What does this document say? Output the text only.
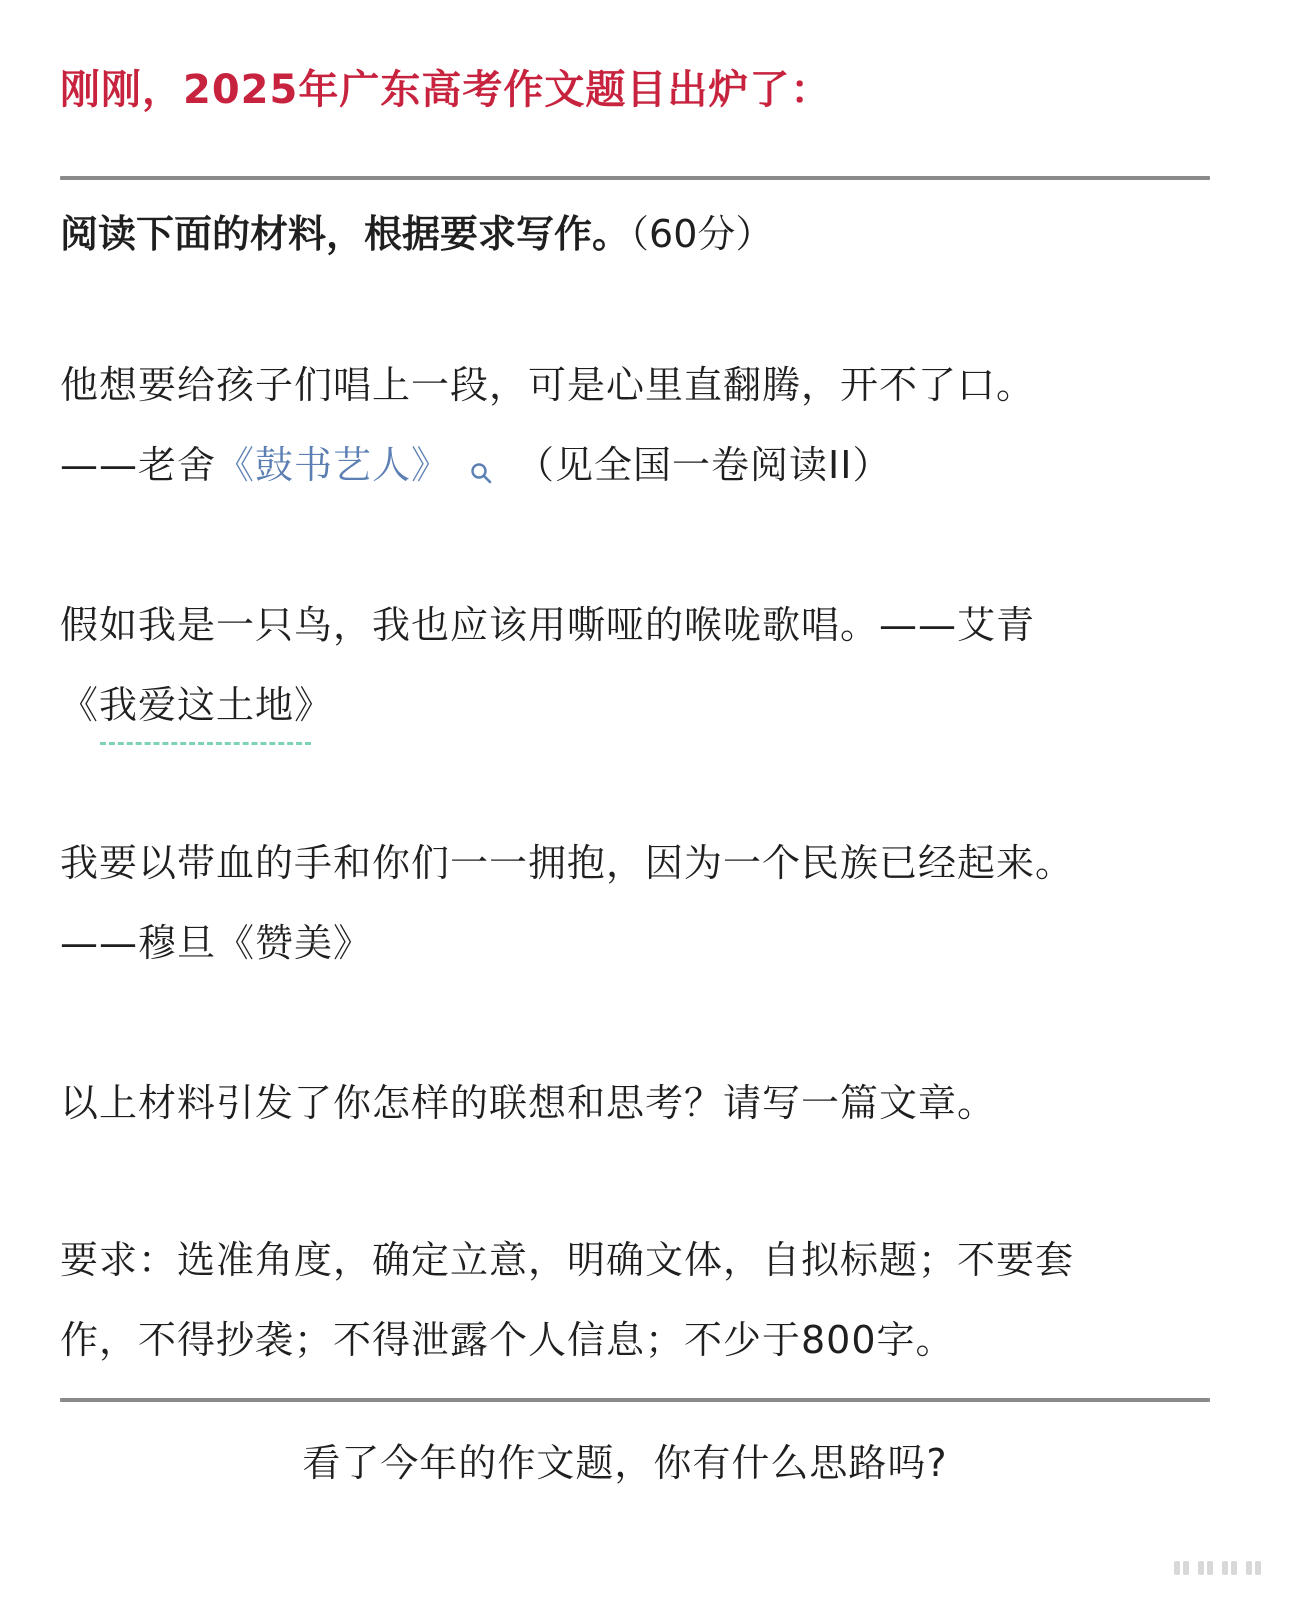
刚刚，2025年广东高考作文题目出炉了：
阅读下面的材料，根据要求写作。（60分）
他想要给孩子们唱上一段，可是心里直翻腾，开不了口。
——老舍《鼓书艺人》 （见全国一卷阅读II）
假如我是一只鸟，我也应该用嘶哑的喉咙歌唱。——艾青
《我爱这土地》
我要以带血的手和你们一一拥抱，因为一个民族已经起来。
——穆旦《赞美》
以上材料引发了你怎样的联想和思考？请写一篇文章。
要求：选准角度，确定立意，明确文体，自拟标题；不要套
作，不得抄袭；不得泄露个人信息；不少于800字。
看了今年的作文题，你有什么思路吗?
